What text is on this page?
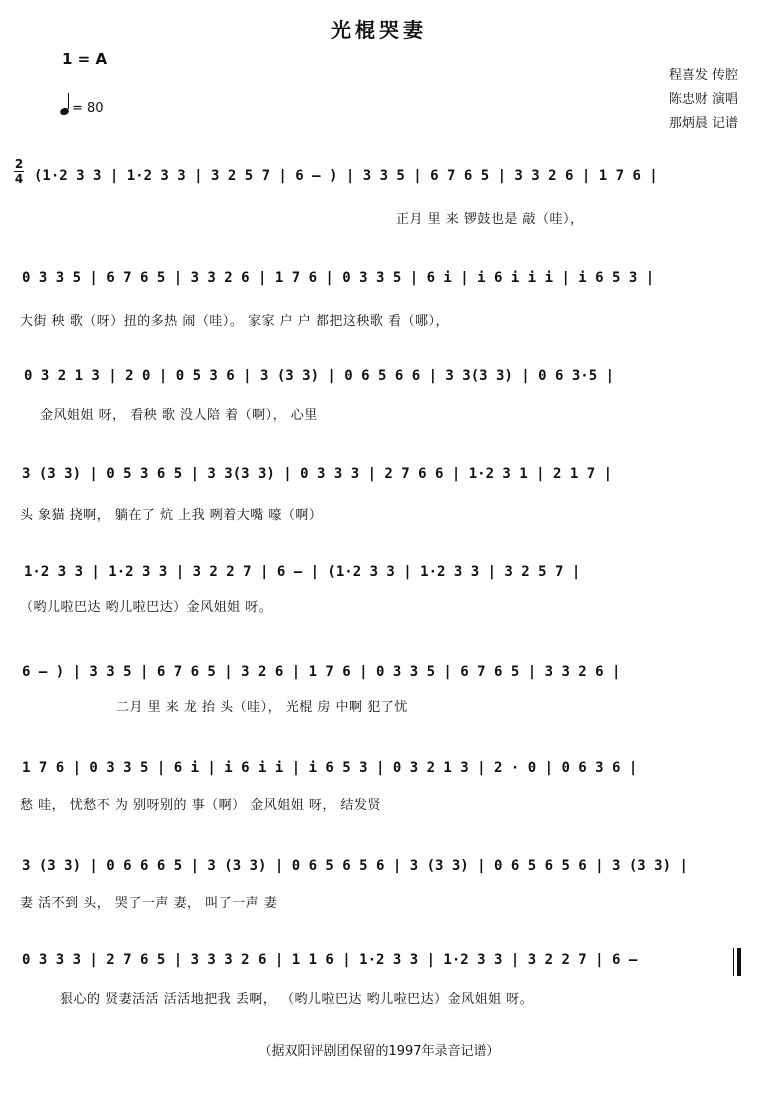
光棍哭妻
1 = A
= 80
程喜发 传腔
陈忠财 演唱
那炳晨 记谱
2
4 (1·2 3 3 | 1·2 3 3 | 3 2 5 7 | 6 – ) | 3 3 5 | 6 7 6 5 | 3 3 2 6 | 1 7 6 |
正月 里 来 锣鼓也是 敲（哇），
0 3 3 5 | 6 7 6 5 | 3 3 2 6 | 1 7 6 | 0 3 3 5 | 6 i | i 6 i i i | i 6 5 3 |
大街 秧 歌（呀）扭的多热 闹（哇）。 家家 户 户 都把这秧歌 看（哪），
0 3 2 1 3 | 2 0 | 0 5 3 6 | 3 (3 3) | 0 6 5 6 6 | 3 3(3 3) | 0 6 3·5 |
金风姐姐 呀， 看秧 歌 没人陪 着（啊）， 心里
3 (3 3) | 0 5 3 6 5 | 3 3(3 3) | 0 3 3 3 | 2 7 6 6 | 1·2 3 1 | 2 1 7 |
头 象猫 挠啊， 躺在了 炕 上我 咧着大嘴 嚎（啊）
1·2 3 3 | 1·2 3 3 | 3 2 2 7 | 6 – | (1·2 3 3 | 1·2 3 3 | 3 2 5 7 |
（哟儿啦巴达 哟儿啦巴达）金风姐姐 呀。
6 – ) | 3 3 5 | 6 7 6 5 | 3 2 6 | 1 7 6 | 0 3 3 5 | 6 7 6 5 | 3 3 2 6 |
二月 里 来 龙 抬 头（哇）， 光棍 房 中啊 犯了忧
1 7 6 | 0 3 3 5 | 6 i | i 6 i i | i 6 5 3 | 0 3 2 1 3 | 2 · 0 | 0 6 3 6 |
愁 哇， 忧愁不 为 别呀别的 事（啊） 金风姐姐 呀， 结发贤
3 (3 3) | 0 6 6 6 5 | 3 (3 3) | 0 6 5 6 5 6 | 3 (3 3) | 0 6 5 6 5 6 | 3 (3 3) |
妻 活不到 头， 哭了一声 妻， 叫了一声 妻
0 3 3 3 | 2 7 6 5 | 3 3 3 2 6 | 1 1 6 | 1·2 3 3 | 1·2 3 3 | 3 2 2 7 | 6 –
狠心的 贤妻活活 活活地把我 丢啊， （哟儿啦巴达 哟儿啦巴达）金风姐姐 呀。
（据双阳评剧团保留的1997年录音记谱）
